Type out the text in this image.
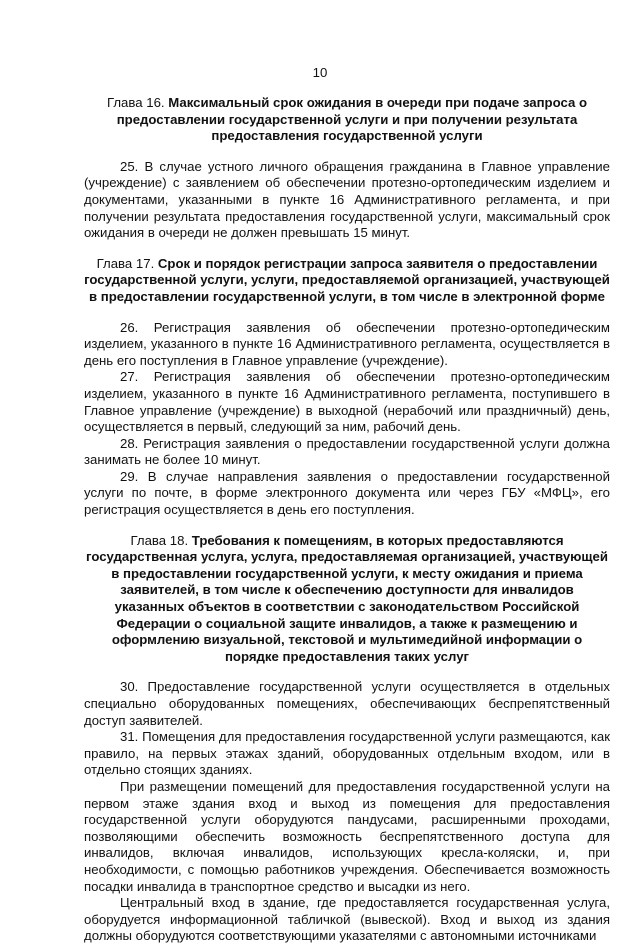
10
Глава 16. Максимальный срок ожидания в очереди при подаче запроса о предоставлении государственной услуги и при получении результата предоставления государственной услуги

25. В случае устного личного обращения гражданина в Главное управление (учреждение) с заявлением об обеспечении протезно-ортопедическим изделием и документами, указанными в пункте 16 Административного регламента, и при получении результата предоставления государственной услуги, максимальный срок ожидания в очереди не должен превышать 15 минут.

Глава 17. Срок и порядок регистрации запроса заявителя о предоставлении государственной услуги, услуги, предоставляемой организацией, участвующей в предоставлении государственной услуги, в том числе в электронной форме

26. Регистрация заявления об обеспечении протезно-ортопедическим изделием, указанного в пункте 16 Административного регламента, осуществляется в день его поступления в Главное управление (учреждение).

27. Регистрация заявления об обеспечении протезно-ортопедическим изделием, указанного в пункте 16 Административного регламента, поступившего в Главное управление (учреждение) в выходной (нерабочий или праздничный) день, осуществляется в первый, следующий за ним, рабочий день.

28. Регистрация заявления о предоставлении государственной услуги должна занимать не более 10 минут.

29. В случае направления заявления о предоставлении государственной услуги по почте, в форме электронного документа или через ГБУ «МФЦ», его регистрация осуществляется в день его поступления.

Глава 18. Требования к помещениям, в которых предоставляются государственная услуга, услуга, предоставляемая организацией, участвующей в предоставлении государственной услуги, к месту ожидания и приема заявителей, в том числе к обеспечению доступности для инвалидов указанных объектов в соответствии с законодательством Российской Федерации о социальной защите инвалидов, а также к размещению и оформлению визуальной, текстовой и мультимедийной информации о порядке предоставления таких услуг

30. Предоставление государственной услуги осуществляется в отдельных специально оборудованных помещениях, обеспечивающих беспрепятственный доступ заявителей.

31. Помещения для предоставления государственной услуги размещаются, как правило, на первых этажах зданий, оборудованных отдельным входом, или в отдельно стоящих зданиях.

При размещении помещений для предоставления государственной услуги на первом этаже здания вход и выход из помещения для предоставления государственной услуги оборудуются пандусами, расширенными проходами, позволяющими обеспечить возможность беспрепятственного доступа для инвалидов, включая инвалидов, использующих кресла-коляски, и, при необходимости, с помощью работников учреждения. Обеспечивается возможность посадки инвалида в транспортное средство и высадки из него.

Центральный вход в здание, где предоставляется государственная услуга, оборудуется информационной табличкой (вывеской). Вход и выход из здания должны оборудуются соответствующими указателями с автономными источниками
